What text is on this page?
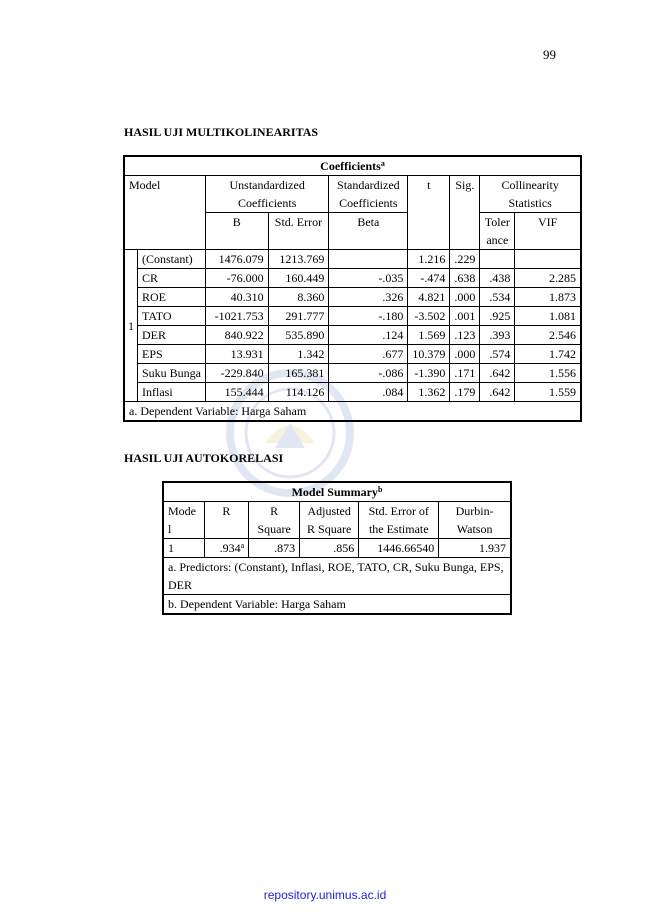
99
HASIL UJI MULTIKOLINEARITAS
Coefficients$^a$
Model		Unstandardized Coefficients		Standardized Coefficients	t	Sig.	Collinearity Statistics	
		B	Std. Error	Beta			Toler ance	VIF
1	(Constant)	1476.079	1213.769		1.216	.229		
	CR	-76.000	160.449	-.035	-.474	.638	.438	2.285
	ROE	40.310	8.360	.326	4.821	.000	.534	1.873
	TATO	-1021.753	291.777	-.180	-3.502	.001	.925	1.081
	DER	840.922	535.890	.124	1.569	.123	.393	2.546
	EPS	13.931	1.342	.677	10.379	.000	.574	1.742
	Suku Bunga	-229.840	165.381	-.086	-1.390	.171	.642	1.556
	Inflasi	155.444	114.126	.084	1.362	.179	.642	1.559
a. Dependent Variable: Harga Saham								
HASIL UJI AUTOKORELASI
Model Summary$^b$
Mode l	R	R Square	Adjusted R Square	Std. Error of the Estimate	Durbin-Watson
1	.934$^a$	.873	.856	1446.66540	1.937
a. Predictors: (Constant), Inflasi, ROE, TATO, CR, Suku Bunga, EPS, DER					
b. Dependent Variable: Harga Saham					
repository.unimus.ac.id
